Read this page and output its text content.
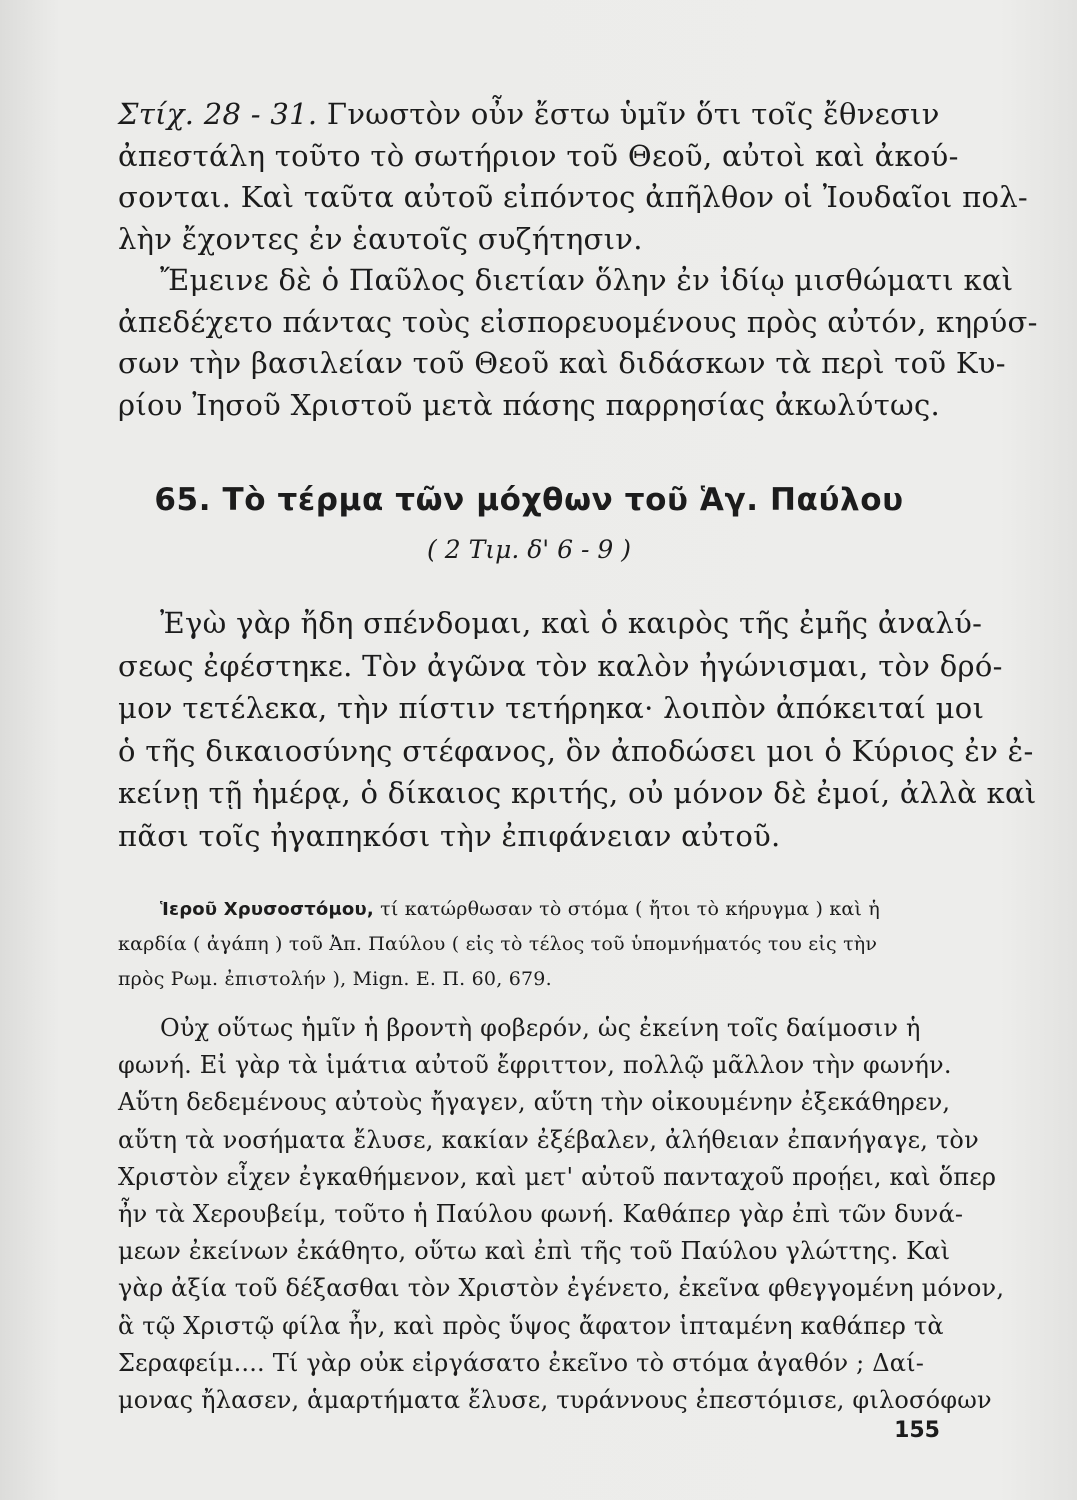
Στίχ. 28 - 31. Γνωστὸν οὖν ἔστω ὑμῖν ὅτι τοῖς ἔθνεσιν
ἀπεστάλη τοῦτο τὸ σωτήριον τοῦ Θεοῦ, αὐτοὶ καὶ ἀκού-
σονται. Καὶ ταῦτα αὐτοῦ εἰπόντος ἀπῆλθον οἱ Ἰουδαῖοι πολ-
λὴν ἔχοντες ἐν ἑαυτοῖς συζήτησιν.
Ἔμεινε δὲ ὁ Παῦλος διετίαν ὅλην ἐν ἰδίῳ μισθώματι καὶ
ἀπεδέχετο πάντας τοὺς εἰσπορευομένους πρὸς αὐτόν, κηρύσ-
σων τὴν βασιλείαν τοῦ Θεοῦ καὶ διδάσκων τὰ περὶ τοῦ Κυ-
ρίου Ἰησοῦ Χριστοῦ μετὰ πάσης παρρησίας ἀκωλύτως.
65. Τὸ τέρμα τῶν μόχθων τοῦ Ἁγ. Παύλου
( 2 Τιμ. δ' 6 - 9 )
Ἐγὼ γὰρ ἤδη σπένδομαι, καὶ ὁ καιρὸς τῆς ἐμῆς ἀναλύ-
σεως ἐφέστηκε. Τὸν ἀγῶνα τὸν καλὸν ἠγώνισμαι, τὸν δρό-
μον τετέλεκα, τὴν πίστιν τετήρηκα· λοιπὸν ἀπόκειταί μοι
ὁ τῆς δικαιοσύνης στέφανος, ὃν ἀποδώσει μοι ὁ Κύριος ἐν ἐ-
κείνῃ τῇ ἡμέρᾳ, ὁ δίκαιος κριτής, οὐ μόνον δὲ ἐμοί, ἀλλὰ καὶ
πᾶσι τοῖς ἠγαπηκόσι τὴν ἐπιφάνειαν αὐτοῦ.
Ἱεροῦ Χρυσοστόμου, τί κατώρθωσαν τὸ στόμα ( ἤτοι τὸ κήρυγμα ) καὶ ἡ
καρδία ( ἀγάπη ) τοῦ Ἀπ. Παύλου ( εἰς τὸ τέλος τοῦ ὑπομνήματός του εἰς τὴν
πρὸς Ρωμ. ἐπιστολήν ), Mign. E. Π. 60, 679.
Οὐχ οὕτως ἡμῖν ἡ βροντὴ φοβερόν, ὡς ἐκείνη τοῖς δαίμοσιν ἡ
φωνή. Εἰ γὰρ τὰ ἱμάτια αὐτοῦ ἔφριττον, πολλῷ μᾶλλον τὴν φωνήν.
Αὕτη δεδεμένους αὐτοὺς ἤγαγεν, αὕτη τὴν οἰκουμένην ἐξεκάθηρεν,
αὕτη τὰ νοσήματα ἔλυσε, κακίαν ἐξέβαλεν, ἀλήθειαν ἐπανήγαγε, τὸν
Χριστὸν εἶχεν ἐγκαθήμενον, καὶ μετ' αὐτοῦ πανταχοῦ προῄει, καὶ ὅπερ
ἦν τὰ Χερουβείμ, τοῦτο ἡ Παύλου φωνή. Καθάπερ γὰρ ἐπὶ τῶν δυνά-
μεων ἐκείνων ἐκάθητο, οὕτω καὶ ἐπὶ τῆς τοῦ Παύλου γλώττης. Καὶ
γὰρ ἀξία τοῦ δέξασθαι τὸν Χριστὸν ἐγένετο, ἐκεῖνα φθεγγομένη μόνον,
ἃ τῷ Χριστῷ φίλα ἦν, καὶ πρὸς ὕψος ἄφατον ἱπταμένη καθάπερ τὰ
Σεραφείμ.... Τί γὰρ οὐκ εἰργάσατο ἐκεῖνο τὸ στόμα ἀγαθόν ; Δαί-
μονας ἤλασεν, ἁμαρτήματα ἔλυσε, τυράννους ἐπεστόμισε, φιλοσόφων
155
